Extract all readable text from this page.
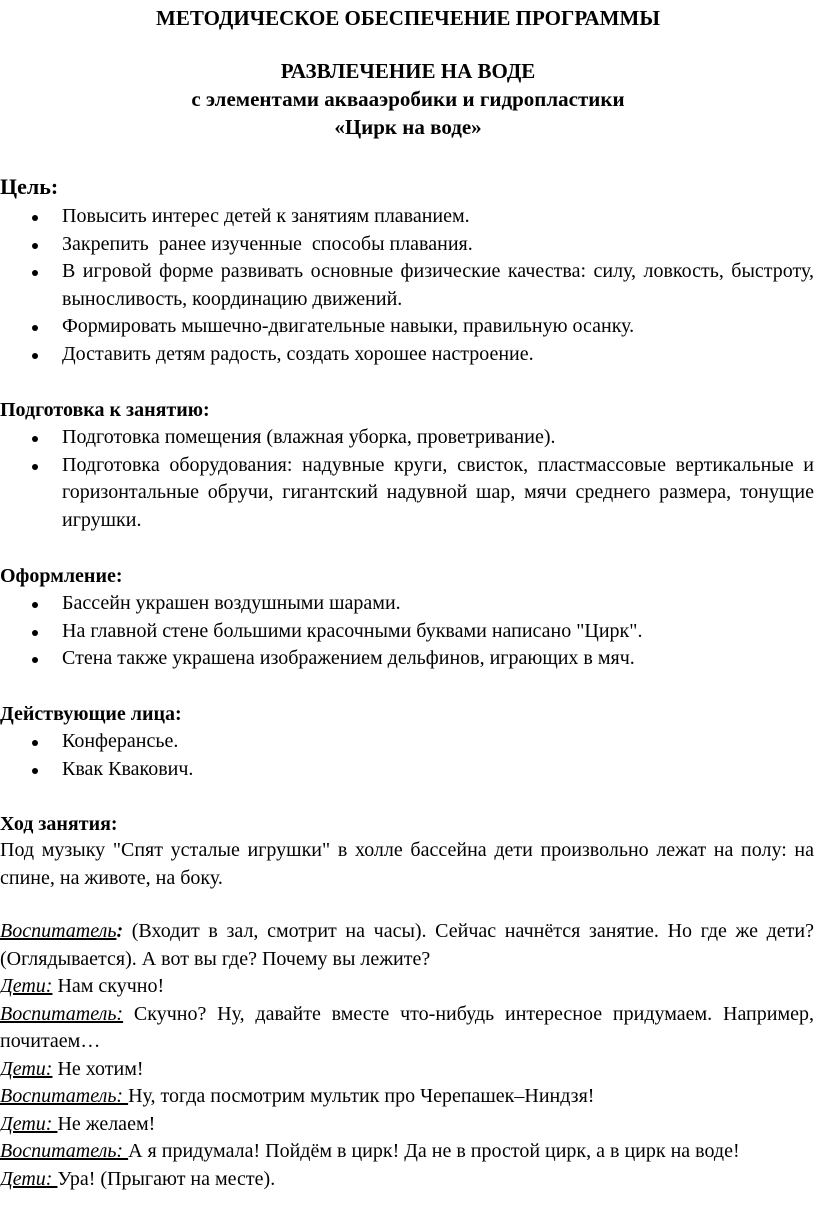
МЕТОДИЧЕСКОЕ ОБЕСПЕЧЕНИЕ ПРОГРАММЫ
РАЗВЛЕЧЕНИЕ НА ВОДЕ
с элементами аквааэробики и гидропластики
«Цирк на воде»
Цель:
Повысить интерес детей к занятиям плаванием.
Закрепить  ранее изученные  способы плавания.
В игровой форме развивать основные физические качества: силу, ловкость, быстроту, выносливость, координацию движений.
Формировать мышечно-двигательные навыки, правильную осанку.
Доставить детям радость, создать хорошее настроение.
Подготовка к занятию:
Подготовка помещения (влажная уборка, проветривание).
Подготовка оборудования: надувные круги, свисток, пластмассовые вертикальные и горизонтальные обручи, гигантский надувной шар, мячи среднего размера, тонущие игрушки.
Оформление:
Бассейн украшен воздушными шарами.
На главной стене большими красочными буквами написано "Цирк".
Стена также украшена изображением дельфинов, играющих в мяч.
Действующие лица:
Конферансье.
Квак Квакович.
Ход занятия:

Под музыку "Спят усталые игрушки" в холле бассейна дети произвольно лежат на полу: на спине, на животе, на боку.

Воспитатель: (Входит в зал, смотрит на часы). Сейчас начнётся занятие. Но где же дети? (Оглядывается). А вот вы где? Почему вы лежите?
Дети: Нам скучно!
Воспитатель: Скучно? Ну, давайте вместе что-нибудь интересное придумаем. Например, почитаем…
Дети: Не хотим!
Воспитатель: Ну, тогда посмотрим мультик про Черепашек–Ниндзя!
Дети: Не желаем!
Воспитатель: А я придумала! Пойдём в цирк! Да не в простой цирк, а в цирк на воде!
Дети: Ура! (Прыгают на месте).
